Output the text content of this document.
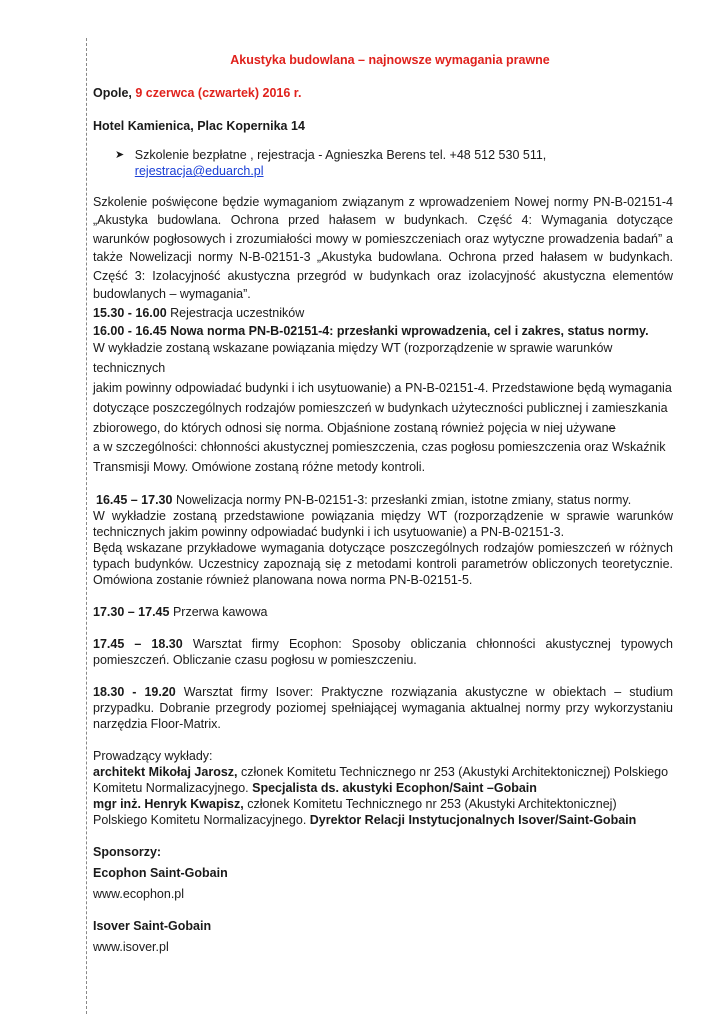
Akustyka budowlana – najnowsze wymagania prawne

Opole, 9 czerwca (czwartek) 2016 r.

Hotel Kamienica, Plac Kopernika 14

➤ Szkolenie bezpłatne , rejestracja - Agnieszka Berens tel. +48 512 530 511, rejestracja@eduarch.pl

Szkolenie poświęcone będzie wymaganiom związanym z wprowadzeniem Nowej normy PN-B-02151-4 „Akustyka budowlana. Ochrona przed hałasem w budynkach. Część 4: Wymagania dotyczące warunków pogłosowych i zrozumiałości mowy w pomieszczeniach oraz wytyczne prowadzenia badań” a także Nowelizacji normy N-B-02151-3 „Akustyka budowlana. Ochrona przed hałasem w budynkach. Część 3: Izolacyjność akustyczna przegród w budynkach oraz izolacyjność akustyczna elementów budowlanych – wymagania”.

15.30 - 16.00 Rejestracja uczestników

16.00 - 16.45 Nowa norma PN-B-02151-4: przesłanki wprowadzenia, cel i zakres, status normy.

W wykładzie zostaną wskazane powiązania między WT (rozporządzenie w sprawie warunków technicznych

jakim powinny odpowiadać budynki i ich usytuowanie) a PN-B-02151-4. Przedstawione będą wymagania

dotyczące poszczególnych rodzajów pomieszczeń w budynkach użyteczności publicznej i zamieszkania

zbiorowego, do których odnosi się norma. Objaśnione zostaną również pojęcia w niej używane

a w szczególności: chłonności akustycznej pomieszczenia, czas pogłosu pomieszczenia oraz Wskaźnik

Transmisji Mowy. Omówione zostaną różne metody kontroli.

16.45 – 17.30 Nowelizacja normy PN-B-02151-3: przesłanki zmian, istotne zmiany, status normy.

W wykładzie zostaną przedstawione powiązania między WT (rozporządzenie w sprawie warunków technicznych jakim powinny odpowiadać budynki i ich usytuowanie) a PN-B-02151-3.

Będą wskazane przykładowe wymagania dotyczące poszczególnych rodzajów pomieszczeń w różnych typach budynków. Uczestnicy zapoznają się z metodami kontroli parametrów obliczonych teoretycznie. Omówiona zostanie również planowana nowa norma PN-B-02151-5.

17.30 – 17.45 Przerwa kawowa

17.45 – 18.30 Warsztat firmy Ecophon: Sposoby obliczania chłonności akustycznej typowych pomieszczeń. Obliczanie czasu pogłosu w pomieszczeniu.

18.30 - 19.20 Warsztat firmy Isover: Praktyczne rozwiązania akustyczne w obiektach – studium przypadku. Dobranie przegrody poziomej spełniającej wymagania aktualnej normy przy wykorzystaniu narzędzia Floor-Matrix.

Prowadzący wykłady:

architekt Mikołaj Jarosz, członek Komitetu Technicznego nr 253 (Akustyki Architektonicznej) Polskiego Komitetu Normalizacyjnego. Specjalista ds. akustyki Ecophon/Saint –Gobain

mgr inż. Henryk Kwapisz, członek Komitetu Technicznego nr 253 (Akustyki Architektonicznej) Polskiego Komitetu Normalizacyjnego. Dyrektor Relacji Instytucjonalnych Isover/Saint-Gobain

Sponsorzy:

Ecophon Saint-Gobain

www.ecophon.pl

Isover Saint-Gobain

www.isover.pl
